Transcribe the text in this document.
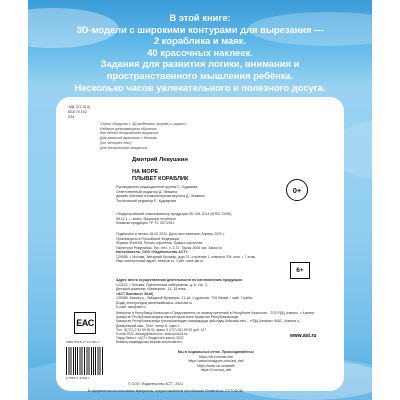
В этой книге:
3D-модели с широкими контурами для вырезания —
2 кораблика и маяк.
40 красочных наклеек.
Задания для развития логики, внимания и
пространственного мышления ребёнка.
Несколько часов увлекательного и полезного досуга.
УДК 372.3(.4)
ББК 74.102
Л34
Серия «Игрушки с 3Д-моделями: вырежи и укрась»
Издание развивающего обучения
для детей дошкольного возраста
Для занятий взрослого с детьми
(от четырёх лет)
Для дошкольного возраста
Дмитрий Левушкин
НА МОРЕ
ПЛЫВЕТ КОРАБЛИК
0+

Руководитель редакционной группы С. Худякова

Ответственный редактор Д. Левкина

Дизайн обложки и компьютерная верстка Д. Левкина

Технический редактор Е. Кудиярова

Общероссийский классификатор продукции ОК-034-2014 (КПЕС 2008);
58.11.1 — книги, брошюры печатные
Книжная продукция ТР ТС 007/2011
Подписано в печать 26.02.2022. Дата изготовления: Апрель 2022 г.
Произведено в Российской Федерации
Формат 60x84/8. Печать офсетная. Бумага офсетная.
Гарнитура Pragmatica. Усл. печ. л. 3,72. Тираж 3000 экз. Заказ №

Изготовитель: ООО «Издательство АСТ»

129085, г. Москва, Звёздный бульвар, дом 21, строение 1, комната 705, пом. I, 7 этаж.

Наш электронный адрес: astbook.ru. Сайт: www.ast.ru

6+

Адрес места осуществления деятельности по изготовлению продукции:

123112, г. Москва, Пресненская набережная, д. 6, стр. 2,

Деловой комплекс «Империя», 14, 15 этаж.

«АСТ Баспасы» ЖШҚ

129085, Мәскеу қ., Звёздный бульвары, 21-үй, 1-құрылыс, 705 бөлме, I жай, 7-қабат.

Біздің электрондық мекенжайымыз: www.ast.ru

E-mail: ask@ast.ru

EAC

Импортер в Республику Казахстан и Представитель по приему претензий в Республике Казахстан – ТОО РДЦ Алматы, г. Алматы

Қазақстан Республикасындағы импорттаушы және Қазақстан Республикасында

Қазақстан Республикасында тұтынушылардан шағымдарды қабылдау бойынша өкіл – «РДЦ-Алматы» ЖШС, Алматы қ., Домбровский көш., 3«а», литер Б, офис 1.

Тел.: 8(727) 2 51 59 90,91, факс: 8 (727) 251 59 92 доб. 107

E-mail: RDC-Almaty@eksmo.kz, www.book24.kz

Тауар белгісі: «АСТ» Өндірілген жылы: 2022

Өнімнің жарамдылық мерзімі шектелмеген.

www.ast.ru
ISBN 978-5-17-147461-7
9 785171 474617

Мы в социальных сетях. Присоединяйтесь!

https://vk.com/ast.deti

https://www.instagram.com/ast_deti

https://www.ok.ru/astdeti

https://t.me/ast_deti

© ООО "Издательство АСТ", 2021
В оформлении использованы материалы, предоставленные фотобанком Shutterstock, FOTODOM
